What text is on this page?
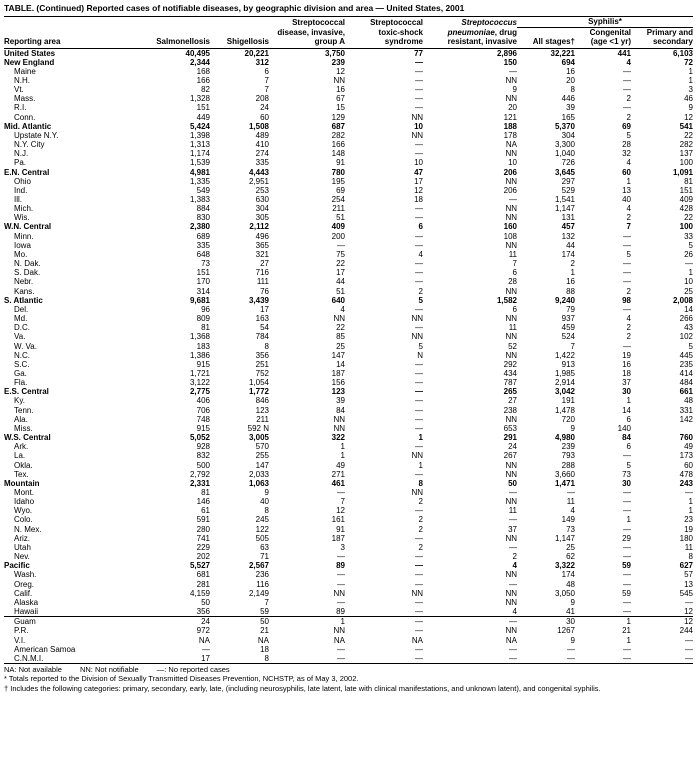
TABLE. (Continued) Reported cases of notifiable diseases, by geographic division and area — United States, 2001
			Streptococcal	Streptococcal	Streptococcus	Syphilis*		
			disease, invasive,	toxic-shock	pneumoniae, drug		Congenital	Primary and
Reporting area	Salmonellosis	Shigellosis	group A	syndrome	resistant, invasive	All stages†	(age <1 yr)	secondary
United States	40,495	20,221	3,750	77	2,896	32,221	441	6,103
New England	2,344	312	239	—	150	694	4	72
Maine	168	6	12	—	—	16	—	1
N.H.	166	7	NN	—	NN	20	—	1
Vt.	82	7	16	—	9	8	—	3
Mass.	1,328	208	67	—	NN	446	2	46
R.I.	151	24	15	—	20	39	—	9
Conn.	449	60	129	NN	121	165	2	12
Mid. Atlantic	5,424	1,508	687	10	188	5,370	69	541
Upstate N.Y.	1,398	489	282	NN	178	304	5	22
N.Y. City	1,313	410	166	—	NA	3,300	28	282
N.J.	1,174	274	148	—	NN	1,040	32	137
Pa.	1,539	335	91	10	10	726	4	100
E.N. Central	4,981	4,443	780	47	206	3,645	60	1,091
Ohio	1,335	2,951	195	17	NN	297	1	81
Ind.	549	253	69	12	206	529	13	151
Ill.	1,383	630	254	18	—	1,541	40	409
Mich.	884	304	211	—	NN	1,147	4	428
Wis.	830	305	51	—	NN	131	2	22
W.N. Central	2,380	2,112	409	6	160	457	7	100
Minn.	689	496	200	—	108	132	—	33
Iowa	335	365	—	—	NN	44	—	5
Mo.	648	321	75	4	11	174	5	26
N. Dak.	73	27	22	—	7	2	—	—
S. Dak.	151	716	17	—	6	1	—	1
Nebr.	170	111	44	—	28	16	—	10
Kans.	314	76	51	2	NN	88	2	25
S. Atlantic	9,681	3,439	640	5	1,582	9,240	98	2,008
Del.	96	17	4	—	6	79	—	14
Md.	809	163	NN	NN	NN	937	4	266
D.C.	81	54	22	—	11	459	2	43
Va.	1,368	784	85	NN	NN	524	2	102
W. Va.	183	8	25	5	52	7	—	5
N.C.	1,386	356	147	N	NN	1,422	19	445
S.C.	915	251	14	—	292	913	16	235
Ga.	1,721	752	187	—	434	1,985	18	414
Fla.	3,122	1,054	156	—	787	2,914	37	484
E.S. Central	2,775	1,772	123	—	265	3,042	30	661
Ky.	406	846	39	—	27	191	1	48
Tenn.	706	123	84	—	238	1,478	14	331
Ala.	748	211	NN	—	NN	720	6	142
Miss.	915	592 N	NN	—	653	9	140	
W.S. Central	5,052	3,005	322	1	291	4,980	84	760
Ark.	928	570	1	—	24	239	6	49
La.	832	255	1	NN	267	793	—	173
Okla.	500	147	49	1	NN	288	5	60
Tex.	2,792	2,033	271	—	NN	3,660	73	478
Mountain	2,331	1,063	461	8	50	1,471	30	243
Mont.	81	9	—	NN	—	—	—	—
Idaho	146	40	7	2	NN	11	—	1
Wyo.	61	8	12	—	11	4	—	1
Colo.	591	245	161	2	—	149	1	23
N. Mex.	280	122	91	2	37	73	—	19
Ariz.	741	505	187	—	NN	1,147	29	180
Utah	229	63	3	2	—	25	—	11
Nev.	202	71	—	—	2	62	—	8
Pacific	5,527	2,567	89	—	4	3,322	59	627
Wash.	681	236	—	—	NN	174	—	57
Oreg.	281	116	—	—	—	48	—	13
Calif.	4,159	2,149	NN	NN	NN	3,050	59	545
Alaska	50	7	—	—	NN	9	—	—
Hawaii	356	59	89	—	4	41	—	12
Guam	24	50	1	—	—	30	1	12
P.R.	972	21	NN	—	NN	1267	21	244
V.I.	NA	NA	NA	NA	NA	9	1	—
American Samoa	—	18	—	—	—	—	—	—
C.N.M.I.	17	8	—	—	—	—	—	—
NA: Not available NN: Not notifiable —: No reported cases
* Totals reported to the Division of Sexually Transmitted Diseases Prevention, NCHSTP, as of May 3, 2002.
† Includes the following categories: primary, secondary, early, late, (including neurosyphilis, late latent, late with clinical manifestations, and unknown latent), and congenital syphilis.
